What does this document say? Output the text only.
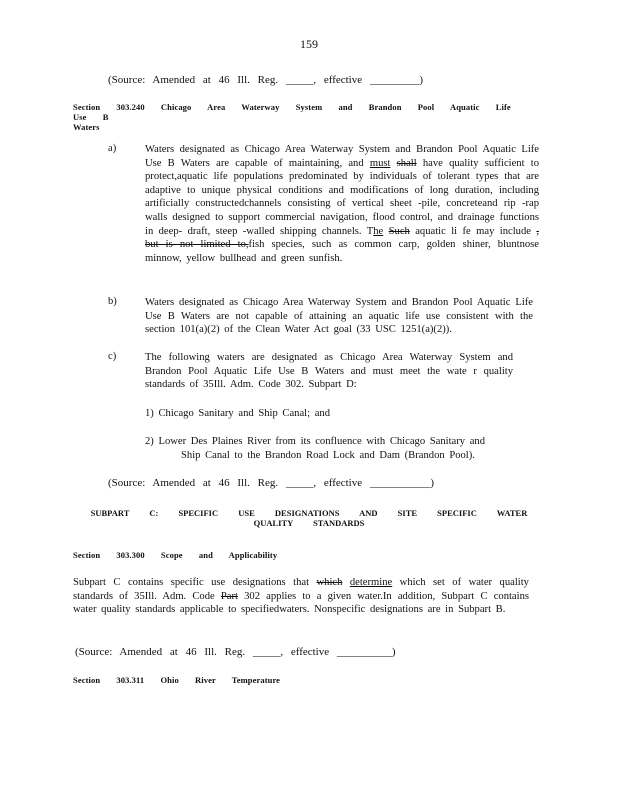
159
(Source: Amended at 46 Ill. Reg. _____, effective _________)
Section 303.240 Chicago Area Waterway System and Brandon Pool Aquatic Life Use B
Waters
a)	Waters designated as Chicago Area Waterway System and Brandon Pool Aquatic Life Use B Waters are capable of maintaining, and must shall have quality sufficient to protect,aquatic life populations predominated by individuals of tolerant types that are adaptive to unique physical conditions and modifications of long duration, including artificially constructedchannels consisting of vertical sheet -pile, concreteand rip -rap walls designed to support commercial navigation, flood control, and drainage functions in deep- draft, steep -walled shipping channels. The Such aquatic li fe may include , but is not limited to,fish species, such as common carp, golden shiner, bluntnose minnow, yellow bullhead and green sunfish.
b)	Waters designated as Chicago Area Waterway System and Brandon Pool Aquatic Life Use B Waters are not capable of attaining an aquatic life use consistent with the section 101(a)(2) of the Clean Water Act goal (33 USC 1251(a)(2)).
c)	The following waters are designated as Chicago Area Waterway System and Brandon Pool Aquatic Life Use B Waters and must meet the wate r quality standards of 35Ill. Adm. Code 302. Subpart D:
1) Chicago Sanitary and Ship Canal; and
2) Lower Des Plaines River from its confluence with Chicago Sanitary and
Ship Canal to the Brandon Road Lock and Dam (Brandon Pool).
(Source: Amended at 46 Ill. Reg. _____, effective ___________)
SUBPART C: SPECIFIC USE DESIGNATIONS AND SITE SPECIFIC WATER
QUALITY STANDARDS
Section 303.300 Scope and Applicability
Subpart C contains specific use designations that which determine which set of water quality standards of 35Ill. Adm. Code Part 302 applies to a given water.In addition, Subpart C contains water quality standards applicable to specifiedwaters. Nonspecific designations are in Subpart B.
(Source: Amended at 46 Ill. Reg. _____, effective __________)
Section 303.311 Ohio River Temperature
